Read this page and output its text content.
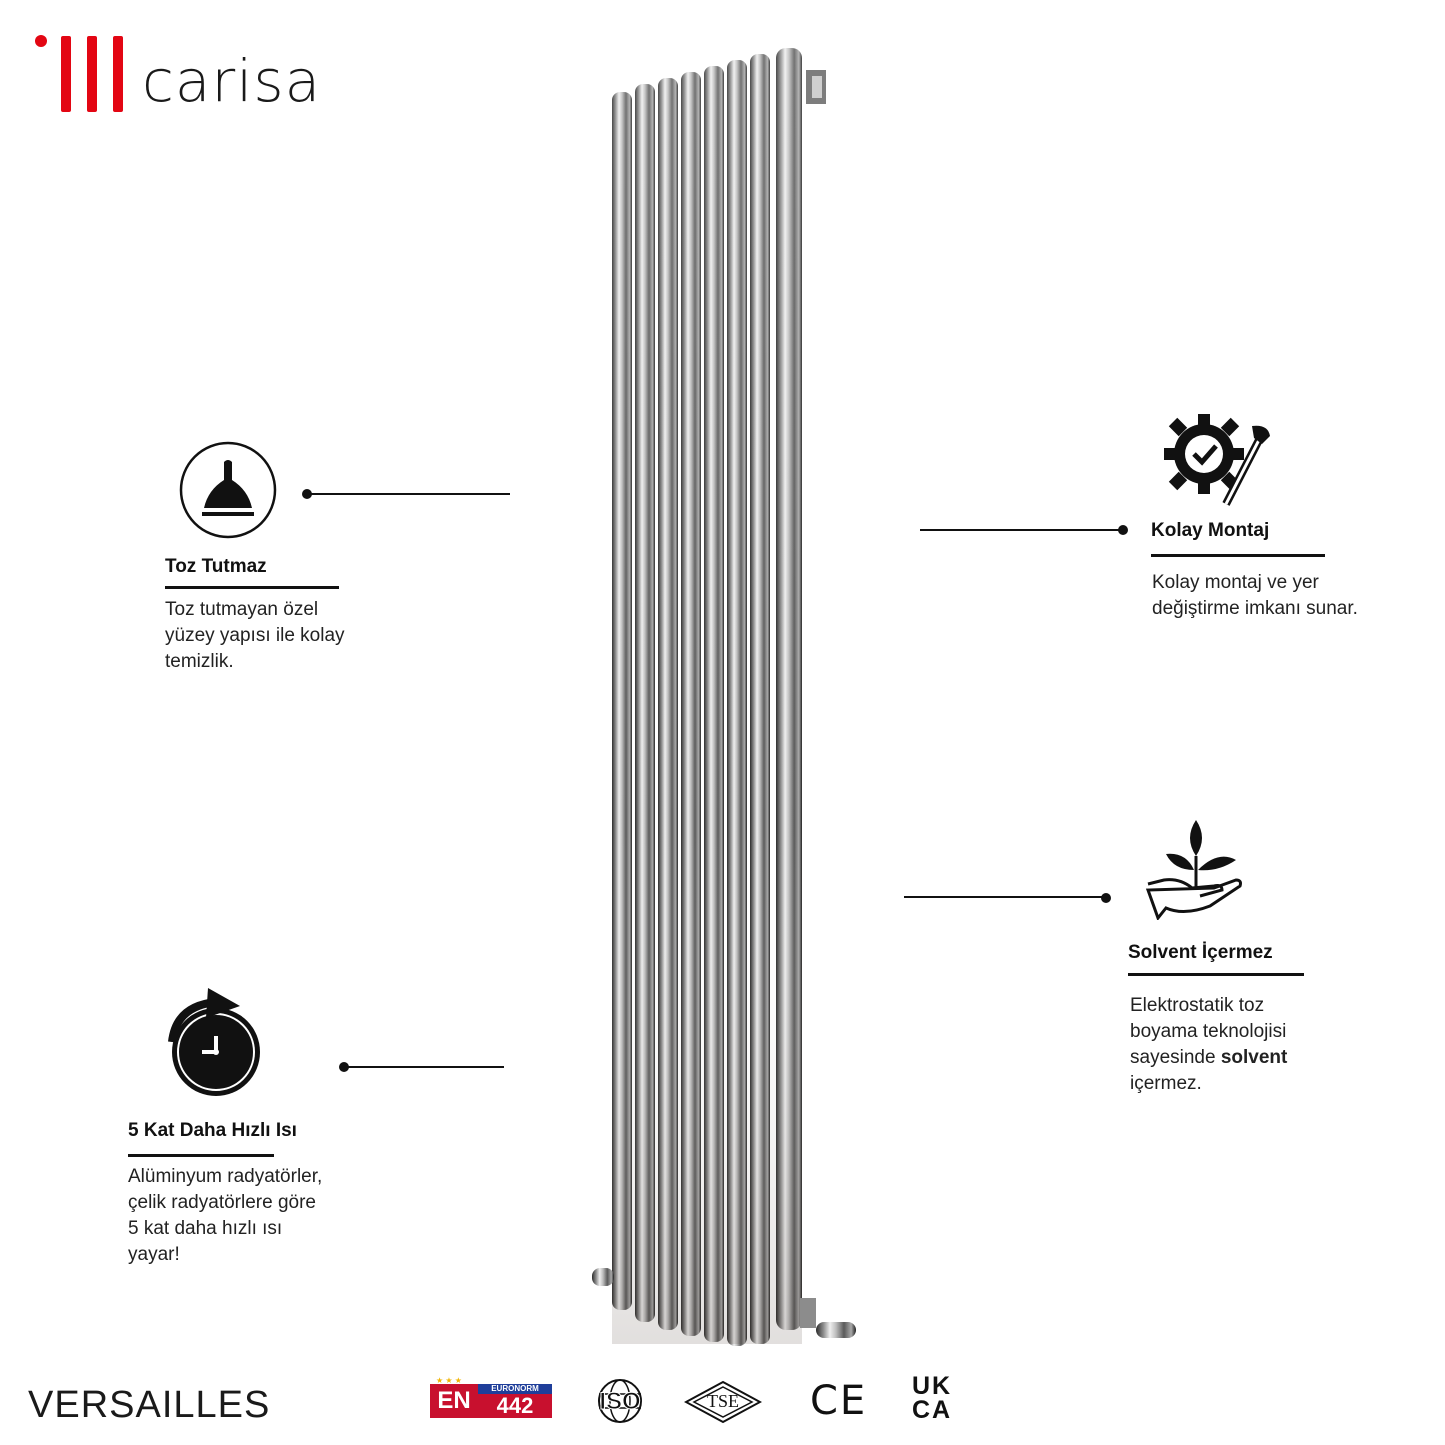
carisa
Toz Tutmaz
Toz tutmayan özel
yüzey yapısı ile kolay
temizlik.
Kolay Montaj
Kolay montaj ve yer
değiştirme imkanı sunar.
Solvent İçermez
Elektrostatik toz
boyama teknolojisi
sayesinde solvent
içermez.
5 Kat Daha Hızlı Isı
Alüminyum radyatörler,
çelik radyatörlere göre
5 kat daha hızlı ısı
yayar!
VERSAILLES	EN
★ ★ ★
EURONORM
442	ISO	TSE	CE UK
CA
